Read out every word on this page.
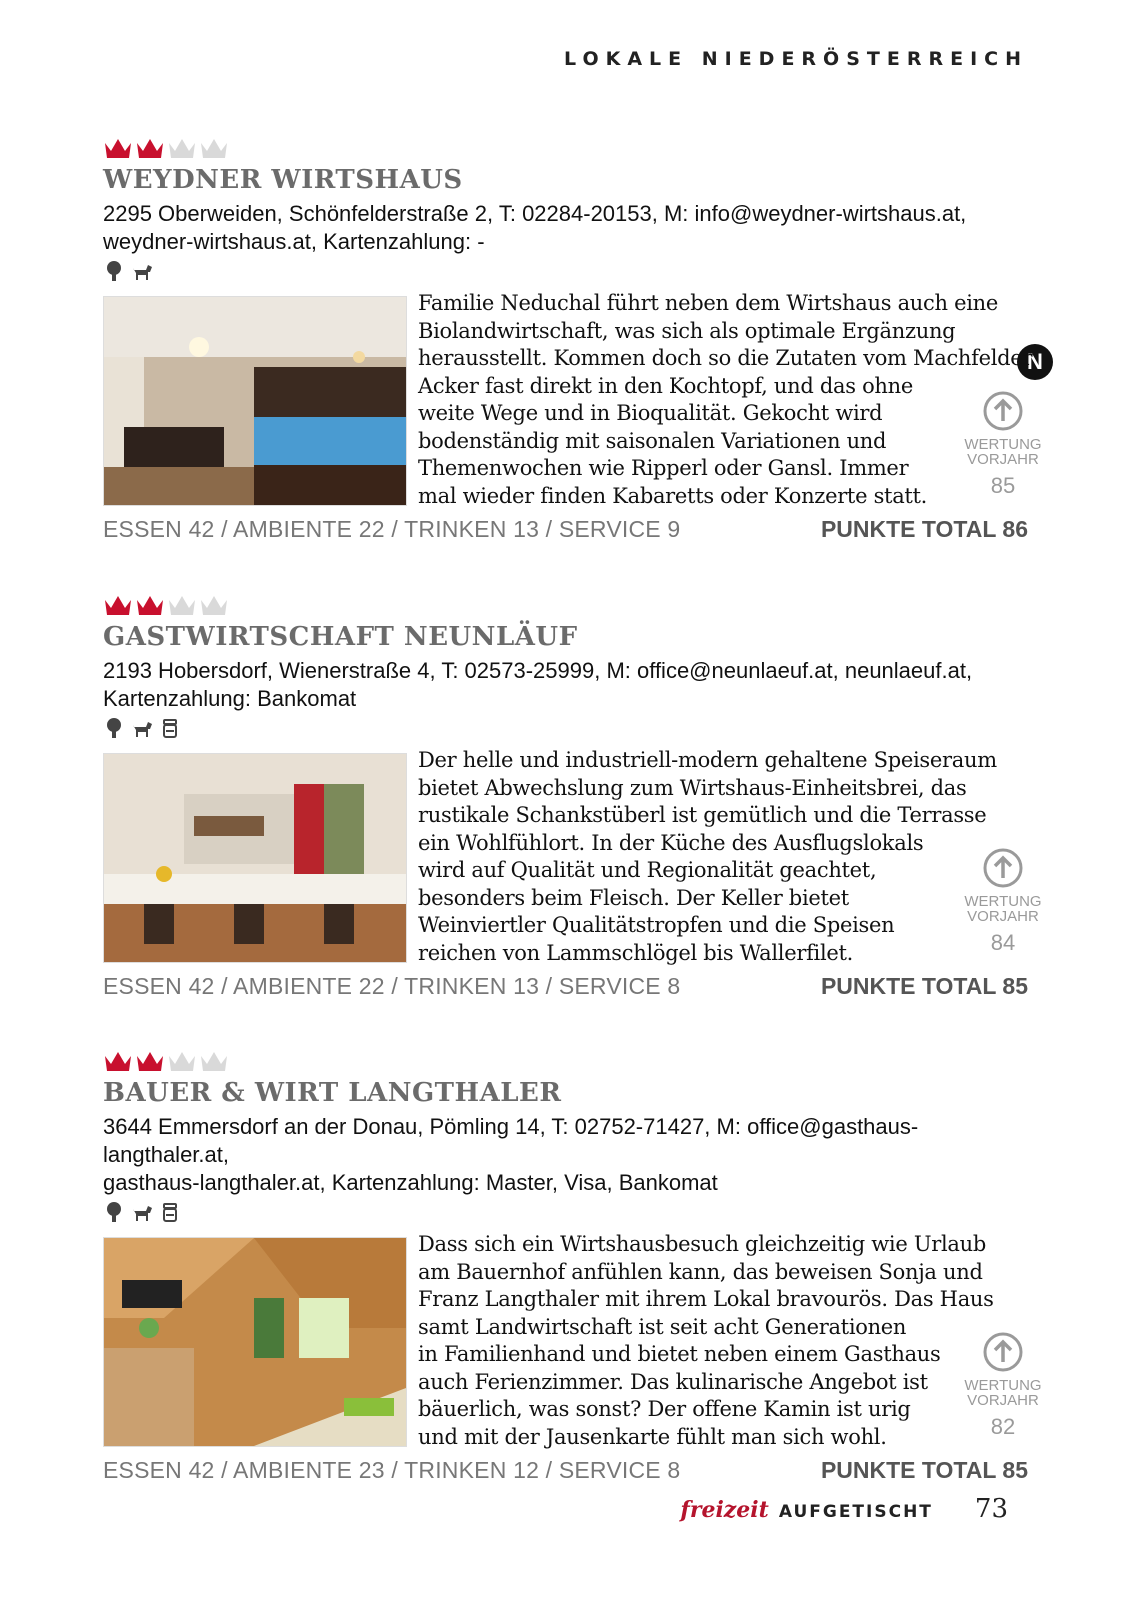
LOKALE NIEDERÖSTERREICH
N
WEYDNER WIRTSHAUS
2295 Oberweiden, Schönfelderstraße 2, T: 02284-20153, M: info@weydner-wirtshaus.at,
weydner-wirtshaus.at, Kartenzahlung: -
Familie Neduchal führt neben dem Wirtshaus auch eine
Biolandwirtschaft, was sich als optimale Ergänzung
herausstellt. Kommen doch so die Zutaten vom Machfelder
Acker fast direkt in den Kochtopf, und das ohne
weite Wege und in Bioqualität. Gekocht wird
bodenständig mit saisonalen Variationen und
Themenwochen wie Ripperl oder Gansl. Immer
mal wieder finden Kabaretts oder Konzerte statt.
WERTUNG
VORJAHR
85
ESSEN 42 / AMBIENTE 22 / TRINKEN 13 / SERVICE 9	PUNKTE TOTAL 86
GASTWIRTSCHAFT NEUNLÄUF
2193 Hobersdorf, Wienerstraße 4, T: 02573-25999, M: office@neunlaeuf.at, neunlaeuf.at,
Kartenzahlung: Bankomat
Der helle und industriell-modern gehaltene Speiseraum
bietet Abwechslung zum Wirtshaus-Einheitsbrei, das
rustikale Schankstüberl ist gemütlich und die Terrasse
ein Wohlfühlort. In der Küche des Ausflugslokals
wird auf Qualität und Regionalität geachtet,
besonders beim Fleisch. Der Keller bietet
Weinviertler Qualitätstropfen und die Speisen
reichen von Lammschlögel bis Wallerfilet.
WERTUNG
VORJAHR
84
ESSEN 42 / AMBIENTE 22 / TRINKEN 13 / SERVICE 8	PUNKTE TOTAL 85
BAUER & WIRT LANGTHALER
3644 Emmersdorf an der Donau, Pömling 14, T: 02752-71427, M: office@gasthaus-langthaler.at,
gasthaus-langthaler.at, Kartenzahlung: Master, Visa, Bankomat
Dass sich ein Wirtshausbesuch gleichzeitig wie Urlaub
am Bauernhof anfühlen kann, das beweisen Sonja und
Franz Langthaler mit ihrem Lokal bravourös. Das Haus
samt Landwirtschaft ist seit acht Generationen
in Familienhand und bietet neben einem Gasthaus
auch Ferienzimmer. Das kulinarische Angebot ist
bäuerlich, was sonst? Der offene Kamin ist urig
und mit der Jausenkarte fühlt man sich wohl.
WERTUNG
VORJAHR
82
ESSEN 42 / AMBIENTE 23 / TRINKEN 12 / SERVICE 8	PUNKTE TOTAL 85
freizeit AUFGETISCHT 73
